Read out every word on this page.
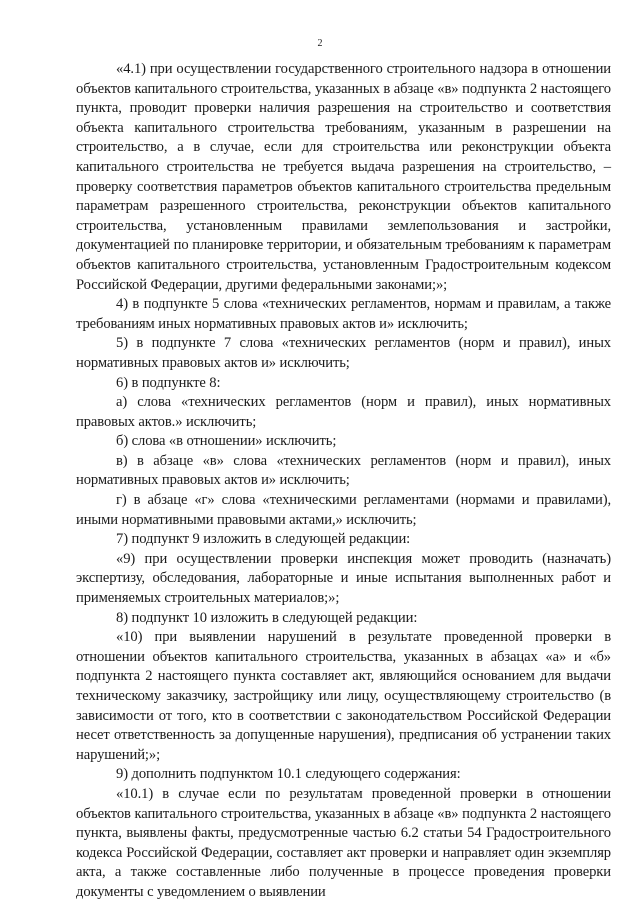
2

«4.1) при осуществлении государственного строительного надзора в отношении объектов капитального строительства, указанных в абзаце «в» подпункта 2 настоящего пункта, проводит проверки наличия разрешения на строительство и соответствия объекта капитального строительства требованиям, указанным в разрешении на строительство, а в случае, если для строительства или реконструкции объекта капитального строительства не требуется выдача разрешения на строительство, – проверку соответствия параметров объектов капитального строительства предельным параметрам разрешенного строительства, реконструкции объектов капитального строительства, установленным правилами землепользования и застройки, документацией по планировке территории, и обязательным требованиям к параметрам объектов капитального строительства, установленным Градостроительным кодексом Российской Федерации, другими федеральными законами;»;

4) в подпункте 5 слова «технических регламентов, нормам и правилам, а также требованиям иных нормативных правовых актов и» исключить;

5) в подпункте 7 слова «технических регламентов (норм и правил), иных нормативных правовых актов и» исключить;

6) в подпункте 8:

а) слова «технических регламентов (норм и правил), иных нормативных правовых актов.» исключить;

б) слова «в отношении» исключить;

в) в абзаце «в» слова «технических регламентов (норм и правил), иных нормативных правовых актов и» исключить;

г) в абзаце «г» слова «техническими регламентами (нормами и правилами), иными нормативными правовыми актами,» исключить;

7) подпункт 9 изложить в следующей редакции:

«9) при осуществлении проверки инспекция может проводить (назначать) экспертизу, обследования, лабораторные и иные испытания выполненных работ и применяемых строительных материалов;»;

8) подпункт 10 изложить в следующей редакции:

«10) при выявлении нарушений в результате проведенной проверки в отношении объектов капитального строительства, указанных в абзацах «а» и «б» подпункта 2 настоящего пункта составляет акт, являющийся основанием для выдачи техническому заказчику, застройщику или лицу, осуществляющему строительство (в зависимости от того, кто в соответствии с законодательством Российской Федерации несет ответственность за допущенные нарушения), предписания об устранении таких нарушений;»;

9) дополнить подпунктом 10.1 следующего содержания:

«10.1) в случае если по результатам проведенной проверки в отношении объектов капитального строительства, указанных в абзаце «в» подпункта 2 настоящего пункта, выявлены факты, предусмотренные частью 6.2 статьи 54 Градостроительного кодекса Российской Федерации, составляет акт проверки и направляет один экземпляр акта, а также составленные либо полученные в процессе проведения проверки документы с уведомлением о выявлении
